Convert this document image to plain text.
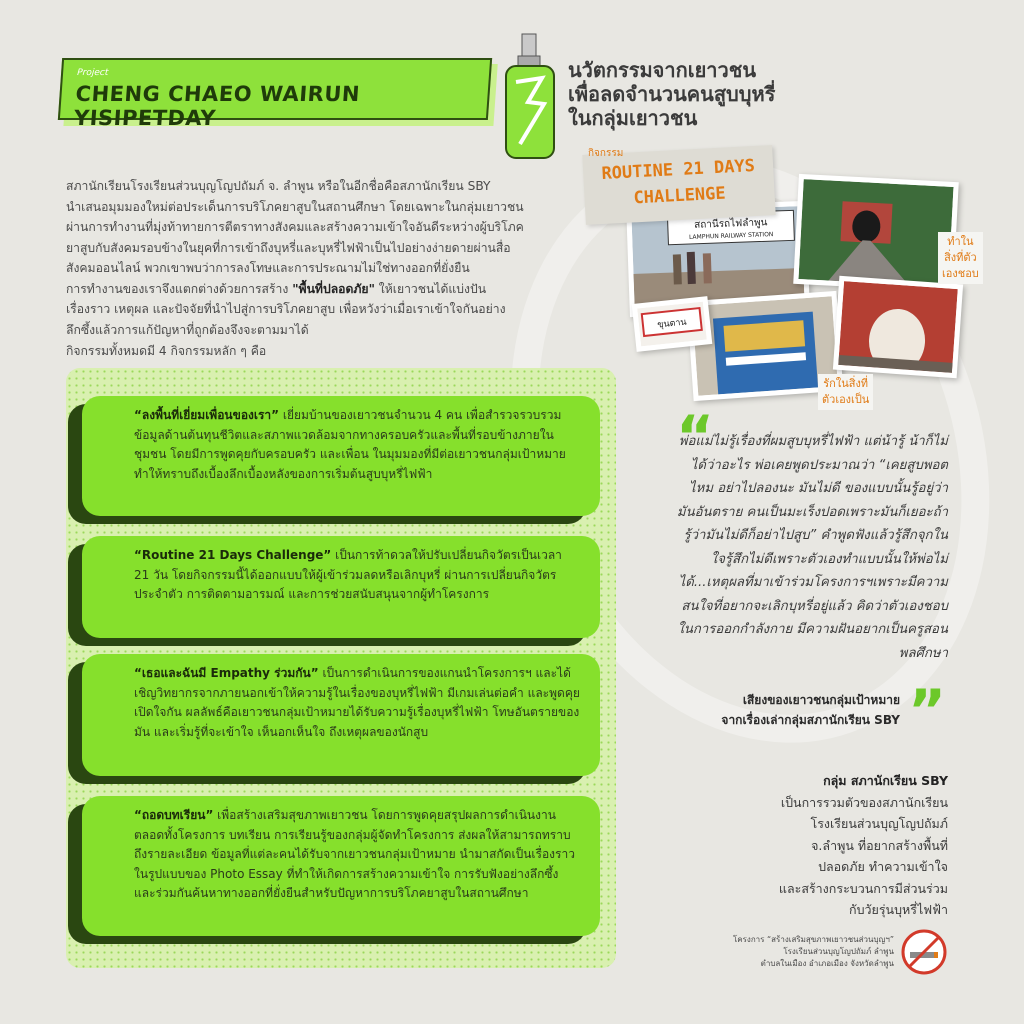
Project
CHENG CHAEO WAIRUN YISIPETDAY
นวัตกรรมจากเยาวชน
เพื่อลดจำนวนคนสูบบุหรี่
ในกลุ่มเยาวชน
สภานักเรียนโรงเรียนส่วนบุญโญปถัมภ์ จ. ลำพูน หรือในอีกชื่อคือสภานักเรียน SBY
นำเสนอมุมมองใหม่ต่อประเด็นการบริโภคยาสูบในสถานศึกษา โดยเฉพาะในกลุ่มเยาวชน
ผ่านการทำงานที่มุ่งท้าทายการตีตราทางสังคมและสร้างความเข้าใจอันดีระหว่างผู้บริโภค
ยาสูบกับสังคมรอบข้างในยุคที่การเข้าถึงบุหรี่และบุหรี่ไฟฟ้าเป็นไปอย่างง่ายดายผ่านสื่อ
สังคมออนไลน์ พวกเขาพบว่าการลงโทษและการประณามไม่ใช่ทางออกที่ยั่งยืน
การทำงานของเราจึงแตกต่างด้วยการสร้าง "พื้นที่ปลอดภัย" ให้เยาวชนได้แบ่งปัน
เรื่องราว เหตุผล และปัจจัยที่นำไปสู่การบริโภคยาสูบ เพื่อหวังว่าเมื่อเราเข้าใจกันอย่าง
ลึกซึ้งแล้วการแก้ปัญหาที่ถูกต้องจึงจะตามมาได้
กิจกรรมทั้งหมดมี 4 กิจกรรมหลัก ๆ คือ
“ลงพื้นที่เยี่ยมเพื่อนของเรา” เยี่ยมบ้านของเยาวชนจำนวน 4 คน เพื่อสำรวจรวบรวมข้อมูลด้านต้นทุนชีวิตและสภาพแวดล้อมจากทางครอบครัวและพื้นที่รอบข้างภายในชุมชน โดยมีการพูดคุยกับครอบครัว และเพื่อน ในมุมมองที่มีต่อเยาวชนกลุ่มเป้าหมาย ทำให้ทราบถึงเบื้องลึกเบื้องหลังของการเริ่มต้นสูบบุหรี่ไฟฟ้า
“Routine 21 Days Challenge” เป็นการท้าดวลให้ปรับเปลี่ยนกิจวัตรเป็นเวลา 21 วัน โดยกิจกรรมนี้ได้ออกแบบให้ผู้เข้าร่วมลดหรือเลิกบุหรี่ ผ่านการเปลี่ยนกิจวัตรประจำตัว การติดตามอารมณ์ และการช่วยสนับสนุนจากผู้ทำโครงการ
“เธอและฉันมี Empathy ร่วมกัน” เป็นการดำเนินการของแกนนำโครงการฯ และได้เชิญวิทยากรจากภายนอกเข้าให้ความรู้ในเรื่องของบุหรี่ไฟฟ้า มีเกมเล่นต่อคำ และพูดคุยเปิดใจกัน ผลลัพธ์คือเยาวชนกลุ่มเป้าหมายได้รับความรู้เรื่องบุหรี่ไฟฟ้า โทษอันตรายของมัน และเริ่มรู้ที่จะเข้าใจ เห็นอกเห็นใจ ถึงเหตุผลของนักสูบ
“ถอดบทเรียน” เพื่อสร้างเสริมสุขภาพเยาวชน โดยการพูดคุยสรุปผลการดำเนินงานตลอดทั้งโครงการ บทเรียน การเรียนรู้ของกลุ่มผู้จัดทำโครงการ ส่งผลให้สามารถทราบถึงรายละเอียด ข้อมูลที่แต่ละคนได้รับจากเยาวชนกลุ่มเป้าหมาย นำมาสกัดเป็นเรื่องราวในรูปแบบของ Photo Essay ที่ทำให้เกิดการสร้างความเข้าใจ การรับฟังอย่างลึกซึ้ง และร่วมกันค้นหาทางออกที่ยั่งยืนสำหรับปัญหาการบริโภคยาสูบในสถานศึกษา
สถานีรถไฟลำพูน
LAMPHUN RAILWAY STATION
ขุนตาน
ROUTINE 21 DAYS
CHALLENGE
กิจกรรม
ทำใน
สิ่งที่ตัว
เองชอบ
รักในสิ่งที่
ตัวเองเป็น
“
พ่อแม่ไม่รู้เรื่องที่ผมสูบบุหรี่ไฟฟ้า แต่น้ารู้ น้าก็ไม่ได้ว่าอะไร พ่อเคยพูดประมาณว่า “เคยสูบพอตไหม อย่าไปลองนะ มันไม่ดี ของแบบนั้นรู้อยู่ว่ามันอันตราย คนเป็นมะเร็งปอดเพราะมันก็เยอะถ้ารู้ว่ามันไม่ดีก็อย่าไปสูบ” คำพูดฟังแล้วรู้สึกจุกในใจรู้สึกไม่ดีเพราะตัวเองทำแบบนั้นให้พ่อไม่ได้...เหตุผลที่มาเข้าร่วมโครงการฯเพราะมีความสนใจที่อยากจะเลิกบุหรี่อยู่แล้ว คิดว่าตัวเองชอบในการออกกำลังกาย มีความฝันอยากเป็นครูสอนพลศึกษา
เสียงของเยาวชนกลุ่มเป้าหมาย
จากเรื่องเล่ากลุ่มสภานักเรียน SBY ”
กลุ่ม สภานักเรียน SBY
เป็นการรวมตัวของสภานักเรียน
โรงเรียนส่วนบุญโญปถัมภ์
จ.ลำพูน ที่อยากสร้างพื้นที่
ปลอดภัย ทำความเข้าใจ
และสร้างกระบวนการมีส่วนร่วม
กับวัยรุ่นบุหรี่ไฟฟ้า
โครงการ “สร้างเสริมสุขภาพเยาวชนส่วนบุญฯ”
โรงเรียนส่วนบุญโญปถัมภ์ ลำพูน
ตำบลในเมือง อำเภอเมือง จังหวัดลำพูน
